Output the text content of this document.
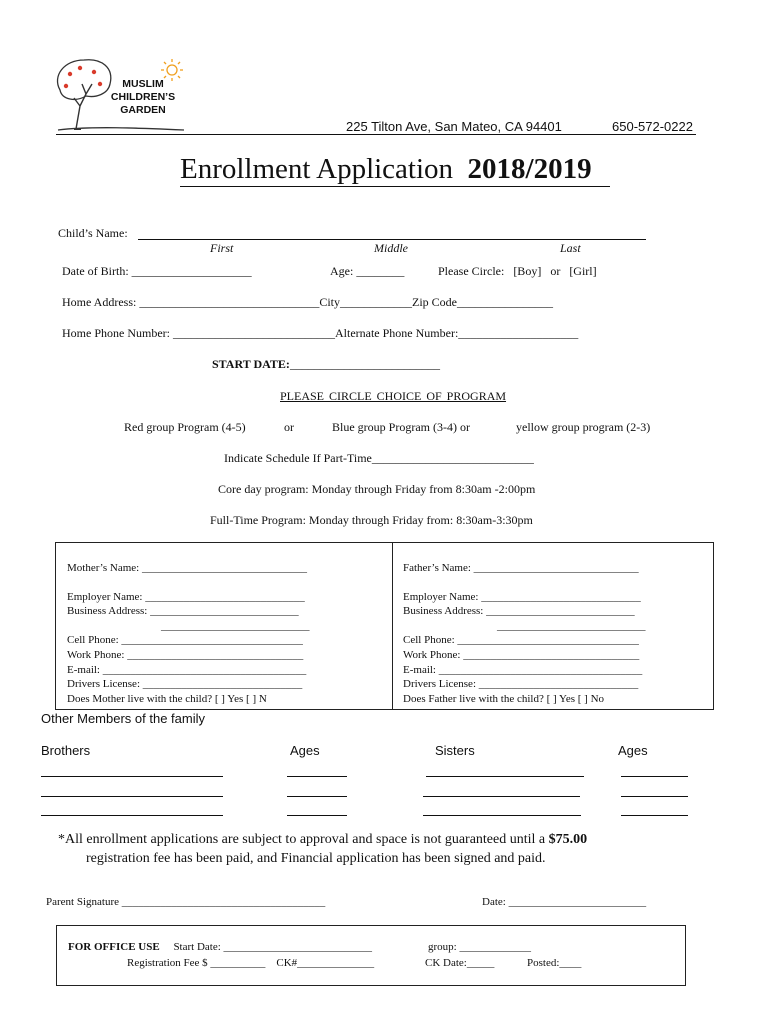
MUSLIM
CHILDREN’S
GARDEN
225 Tilton Ave, San Mateo, CA 94401	650-572-0222
Enrollment Application 2018/2019
Child’s Name:
First	Middle	Last
Date of Birth: ____________________	Age: ________	Please Circle: [Boy] or [Girl]
Home Address: ______________________________City____________Zip Code________________
Home Phone Number: ___________________________Alternate Phone Number:____________________
START DATE:_________________________
PLEASE CIRCLE CHOICE OF PROGRAM
Red group Program (4-5)	or	Blue group Program (3-4) or	yellow group program (2-3)
Indicate Schedule If Part-Time___________________________
Core day program: Monday through Friday from 8:30am -2:00pm
Full-Time Program: Monday through Friday from: 8:30am-3:30pm
Mother’s Name: ______________________________
Employer Name: _____________________________
Business Address: ___________________________
___________________________
Cell Phone: _________________________________
Work Phone: ________________________________
E-mail: _____________________________________
Drivers License: _____________________________
Does Mother live with the child? [ ] Yes [ ] N
Father’s Name: ______________________________
Employer Name: _____________________________
Business Address: ___________________________
___________________________
Cell Phone: _________________________________
Work Phone: ________________________________
E-mail: _____________________________________
Drivers License: _____________________________
Does Father live with the child? [ ] Yes [ ] No
Other Members of the family
Brothers	Ages	Sisters	Ages
*All enrollment applications are subject to approval and space is not guaranteed until a $75.00
registration fee has been paid, and Financial application has been signed and paid.
Parent Signature _____________________________________	Date: _________________________
FOR OFFICE USE Start Date: ___________________________	group: _____________
Registration Fee $ __________ CK#______________	CK Date:_____	Posted:____
